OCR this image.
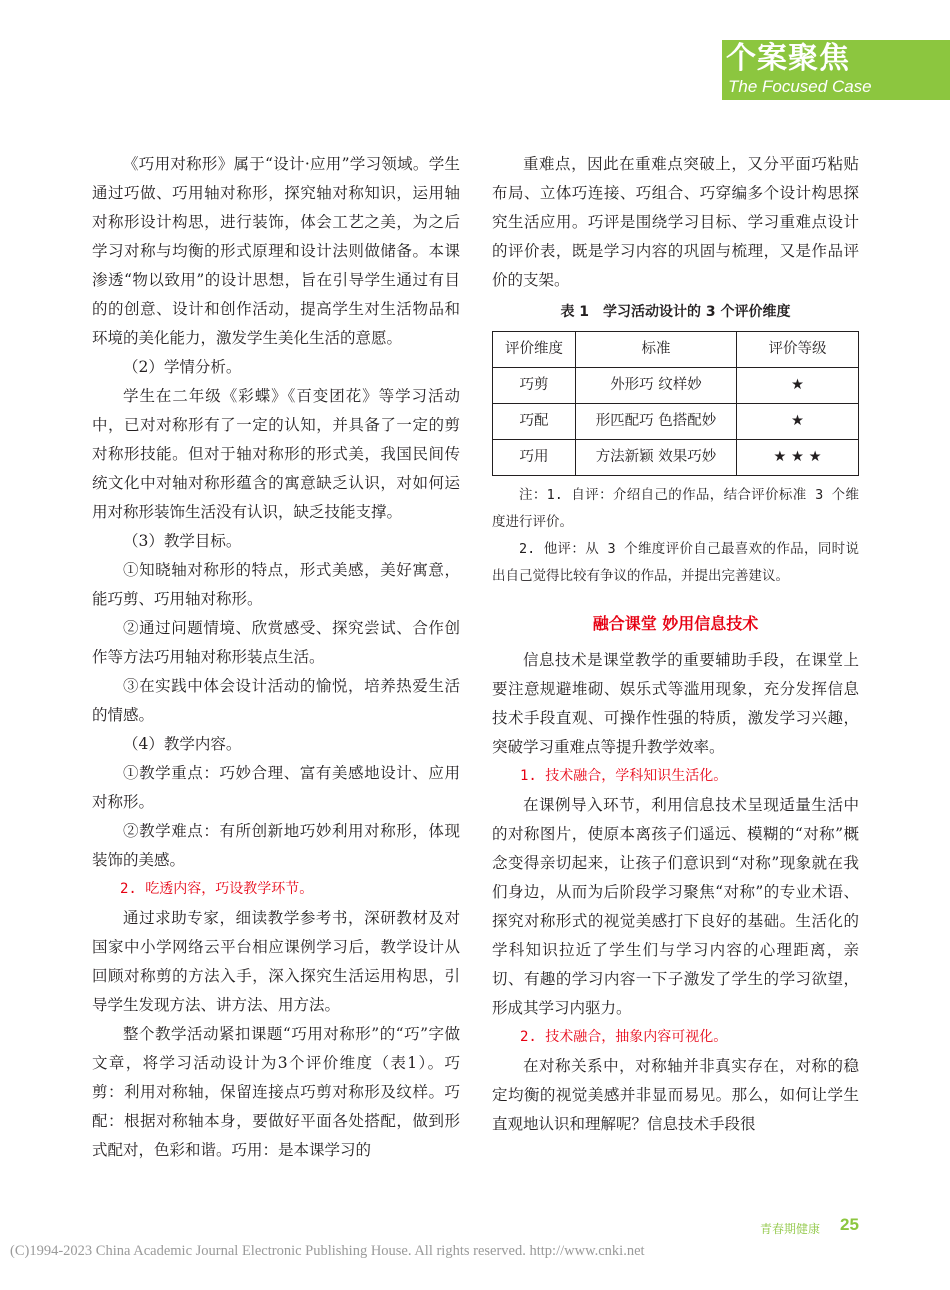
个案聚焦
The Focused Case

《巧用对称形》属于“设计·应用”学习领域。学生通过巧做、巧用轴对称形，探究轴对称知识，运用轴对称形设计构思，进行装饰，体会工艺之美，为之后学习对称与均衡的形式原理和设计法则做储备。本课渗透“物以致用”的设计思想，旨在引导学生通过有目的的创意、设计和创作活动，提高学生对生活物品和环境的美化能力，激发学生美化生活的意愿。

（2）学情分析。

学生在二年级《彩蝶》《百变团花》等学习活动中，已对对称形有了一定的认知，并具备了一定的剪对称形技能。但对于轴对称形的形式美，我国民间传统文化中对轴对称形蕴含的寓意缺乏认识，对如何运用对称形装饰生活没有认识，缺乏技能支撑。

（3）教学目标。

①知晓轴对称形的特点，形式美感，美好寓意，能巧剪、巧用轴对称形。

②通过问题情境、欣赏感受、探究尝试、合作创作等方法巧用轴对称形装点生活。

③在实践中体会设计活动的愉悦，培养热爱生活的情感。

（4）教学内容。

①教学重点：巧妙合理、富有美感地设计、应用对称形。

②教学难点：有所创新地巧妙利用对称形，体现装饰的美感。

2. 吃透内容，巧设教学环节。

通过求助专家，细读教学参考书，深研教材及对国家中小学网络云平台相应课例学习后，教学设计从回顾对称剪的方法入手，深入探究生活运用构思，引导学生发现方法、讲方法、用方法。

整个教学活动紧扣课题“巧用对称形”的“巧”字做文章，将学习活动设计为3个评价维度（表1）。巧剪：利用对称轴，保留连接点巧剪对称形及纹样。巧配：根据对称轴本身，要做好平面各处搭配，做到形式配对，色彩和谐。巧用：是本课学习的

重难点，因此在重难点突破上，又分平面巧粘贴布局、立体巧连接、巧组合、巧穿编多个设计构思探究生活应用。巧评是围绕学习目标、学习重难点设计的评价表，既是学习内容的巩固与梳理，又是作品评价的支架。

表 1　学习活动设计的 3 个评价维度
评价维度	标准	评价等级
巧剪	外形巧 纹样妙	★
巧配	形匹配巧 色搭配妙	★
巧用	方法新颖 效果巧妙	★ ★ ★

注：1. 自评：介绍自己的作品，结合评价标准 3 个维度进行评价。

2. 他评：从 3 个维度评价自己最喜欢的作品，同时说出自己觉得比较有争议的作品，并提出完善建议。

融合课堂 妙用信息技术

信息技术是课堂教学的重要辅助手段，在课堂上要注意规避堆砌、娱乐式等滥用现象，充分发挥信息技术手段直观、可操作性强的特质，激发学习兴趣，突破学习重难点等提升教学效率。

1. 技术融合，学科知识生活化。

在课例导入环节，利用信息技术呈现适量生活中的对称图片，使原本离孩子们遥远、模糊的“对称”概念变得亲切起来，让孩子们意识到“对称”现象就在我们身边，从而为后阶段学习聚焦“对称”的专业术语、探究对称形式的视觉美感打下良好的基础。生活化的学科知识拉近了学生们与学习内容的心理距离，亲切、有趣的学习内容一下子激发了学生的学习欲望，形成其学习内驱力。

2. 技术融合，抽象内容可视化。

在对称关系中，对称轴并非真实存在，对称的稳定均衡的视觉美感并非显而易见。那么，如何让学生直观地认识和理解呢？信息技术手段很

青春期健康 25
(C)1994-2023 China Academic Journal Electronic Publishing House. All rights reserved. http://www.cnki.net
